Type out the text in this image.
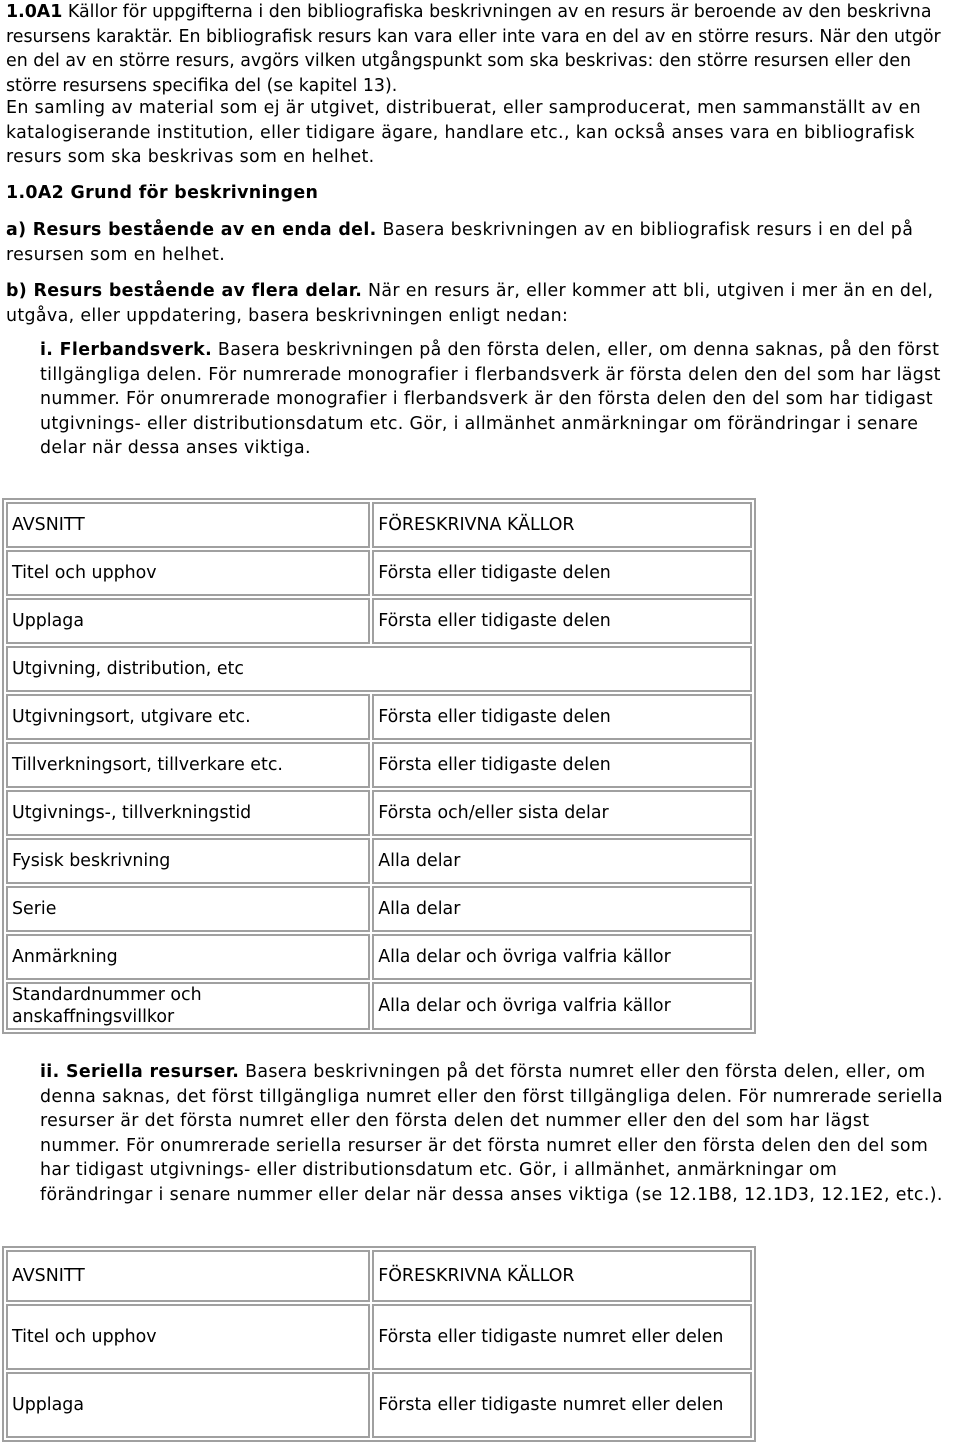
1.0A1 Källor för uppgifterna i den bibliografiska beskrivningen av en resurs är beroende av den beskrivna resursens karaktär. En bibliografisk resurs kan vara eller inte vara en del av en större resurs. När den utgör en del av en större resurs, avgörs vilken utgångspunkt som ska beskrivas: den större resursen eller den större resursens specifika del (se kapitel 13).

En samling av material som ej är utgivet, distribuerat, eller samproducerat, men sammanställt av en katalogiserande institution, eller tidigare ägare, handlare etc., kan också anses vara en bibliografisk resurs som ska beskrivas som en helhet.

1.0A2 Grund för beskrivningen

a) Resurs bestående av en enda del. Basera beskrivningen av en bibliografisk resurs i en del på resursen som en helhet.

b) Resurs bestående av flera delar. När en resurs är, eller kommer att bli, utgiven i mer än en del, utgåva, eller uppdatering, basera beskrivningen enligt nedan:

i. Flerbandsverk. Basera beskrivningen på den första delen, eller, om denna saknas, på den först tillgängliga delen. För numrerade monografier i flerbandsverk är första delen den del som har lägst nummer. För onumrerade monografier i flerbandsverk är den första delen den del som har tidigast utgivnings- eller distributionsdatum etc. Gör, i allmänhet anmärkningar om förändringar i senare delar när dessa anses viktiga.

AVSNITT	FÖRESKRIVNA KÄLLOR
Titel och upphov	Första eller tidigaste delen
Upplaga	Första eller tidigaste delen
Utgivning, distribution, etc	
Utgivningsort, utgivare etc.	Första eller tidigaste delen
Tillverkningsort, tillverkare etc.	Första eller tidigaste delen
Utgivnings-, tillverkningstid	Första och/eller sista delar
Fysisk beskrivning	Alla delar
Serie	Alla delar
Anmärkning	Alla delar och övriga valfria källor
Standardnummer och anskaffningsvillkor	Alla delar och övriga valfria källor

ii. Seriella resurser. Basera beskrivningen på det första numret eller den första delen, eller, om denna saknas, det först tillgängliga numret eller den först tillgängliga delen. För numrerade seriella resurser är det första numret eller den första delen det nummer eller den del som har lägst nummer. För onumrerade seriella resurser är det första numret eller den första delen den del som har tidigast utgivnings- eller distributionsdatum etc. Gör, i allmänhet, anmärkningar om förändringar i senare nummer eller delar när dessa anses viktiga (se 12.1B8, 12.1D3, 12.1E2, etc.).

AVSNITT	FÖRESKRIVNA KÄLLOR
Titel och upphov	Första eller tidigaste numret eller delen
Upplaga	Första eller tidigaste numret eller delen
